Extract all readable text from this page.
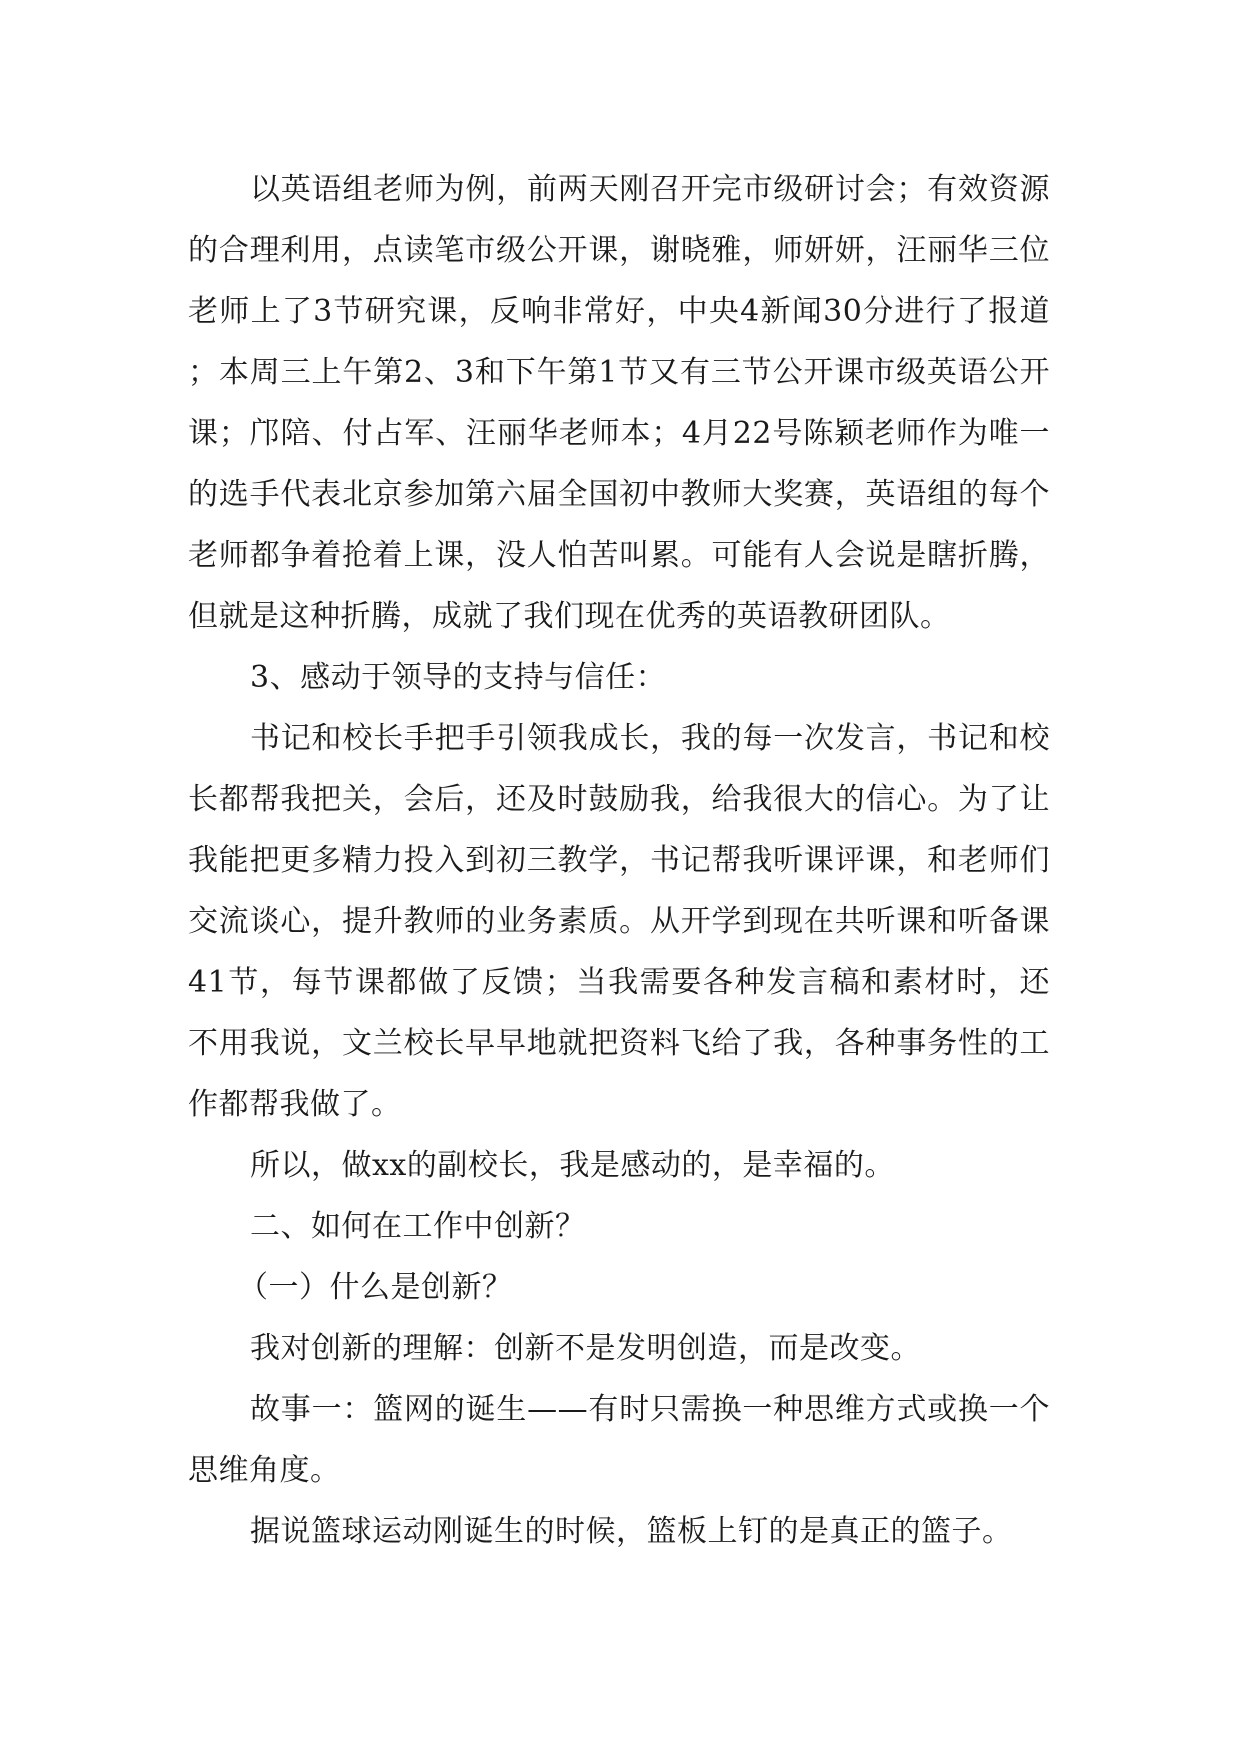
以英语组老师为例，前两天刚召开完市级研讨会；有效资源的合理利用，点读笔市级公开课，谢晓雅，师妍妍，汪丽华三位老师上了3节研究课，反响非常好，中央4新闻30分进行了报道；本周三上午第2、3和下午第1节又有三节公开课市级英语公开课；邝陪、付占军、汪丽华老师本；4月22号陈颖老师作为唯一的选手代表北京参加第六届全国初中教师大奖赛，英语组的每个老师都争着抢着上课，没人怕苦叫累。可能有人会说是瞎折腾，但就是这种折腾，成就了我们现在优秀的英语教研团队。

3、感动于领导的支持与信任：

书记和校长手把手引领我成长，我的每一次发言，书记和校长都帮我把关，会后，还及时鼓励我，给我很大的信心。为了让我能把更多精力投入到初三教学，书记帮我听课评课，和老师们交流谈心，提升教师的业务素质。从开学到现在共听课和听备课41节，每节课都做了反馈；当我需要各种发言稿和素材时，还不用我说，文兰校长早早地就把资料飞给了我，各种事务性的工作都帮我做了。

所以，做xx的副校长，我是感动的，是幸福的。

二、如何在工作中创新？

（一）什么是创新？

我对创新的理解：创新不是发明创造，而是改变。

故事一：篮网的诞生——有时只需换一种思维方式或换一个思维角度。

据说篮球运动刚诞生的时候，篮板上钉的是真正的篮子。
